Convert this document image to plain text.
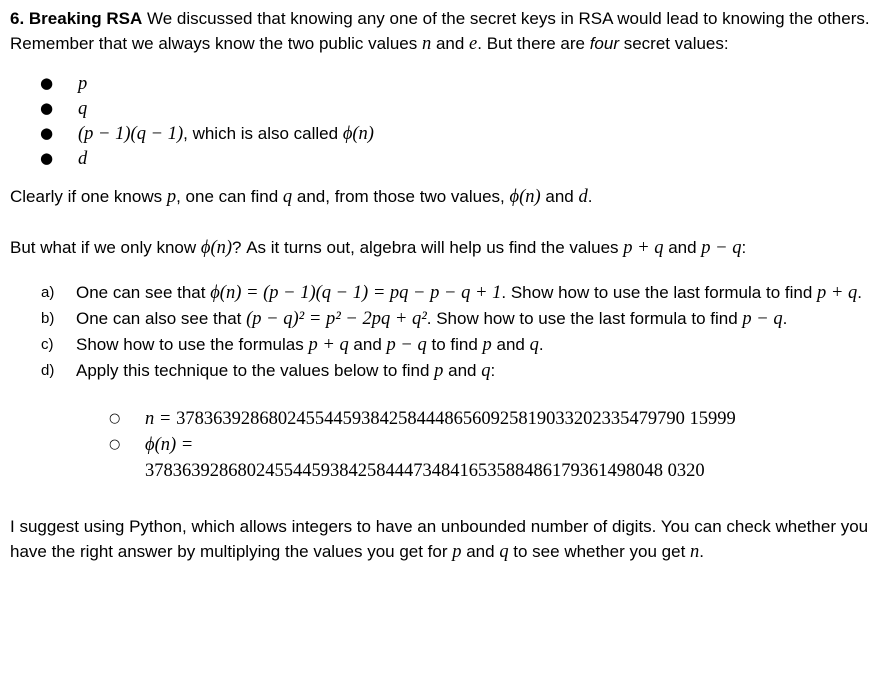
6. Breaking RSA We discussed that knowing any one of the secret keys in RSA would lead to knowing the others. Remember that we always know the two public values n and e. But there are four secret values:

● p
● q
● (p − 1)(q − 1), which is also called ϕ(n)
● d

Clearly if one knows p, one can find q and, from those two values, ϕ(n) and d.

But what if we only know ϕ(n)? As it turns out, algebra will help us find the values p + q and p − q:

a) One can see that ϕ(n) = (p − 1)(q − 1) = pq − p − q + 1. Show how to use the last formula to find p + q.
b) One can also see that (p − q)² = p² − 2pq + q². Show how to use the last formula to find p − q.
c) Show how to use the formulas p + q and p − q to find p and q.
d) Apply this technique to the values below to find p and q:
○ n = 3783639286802455445938425844486560925819033202335479790 15999
○ ϕ(n) =
37836392868024554459384258444734841653588486179361498048 0320

I suggest using Python, which allows integers to have an unbounded number of digits. You can check whether you have the right answer by multiplying the values you get for p and q to see whether you get n.
